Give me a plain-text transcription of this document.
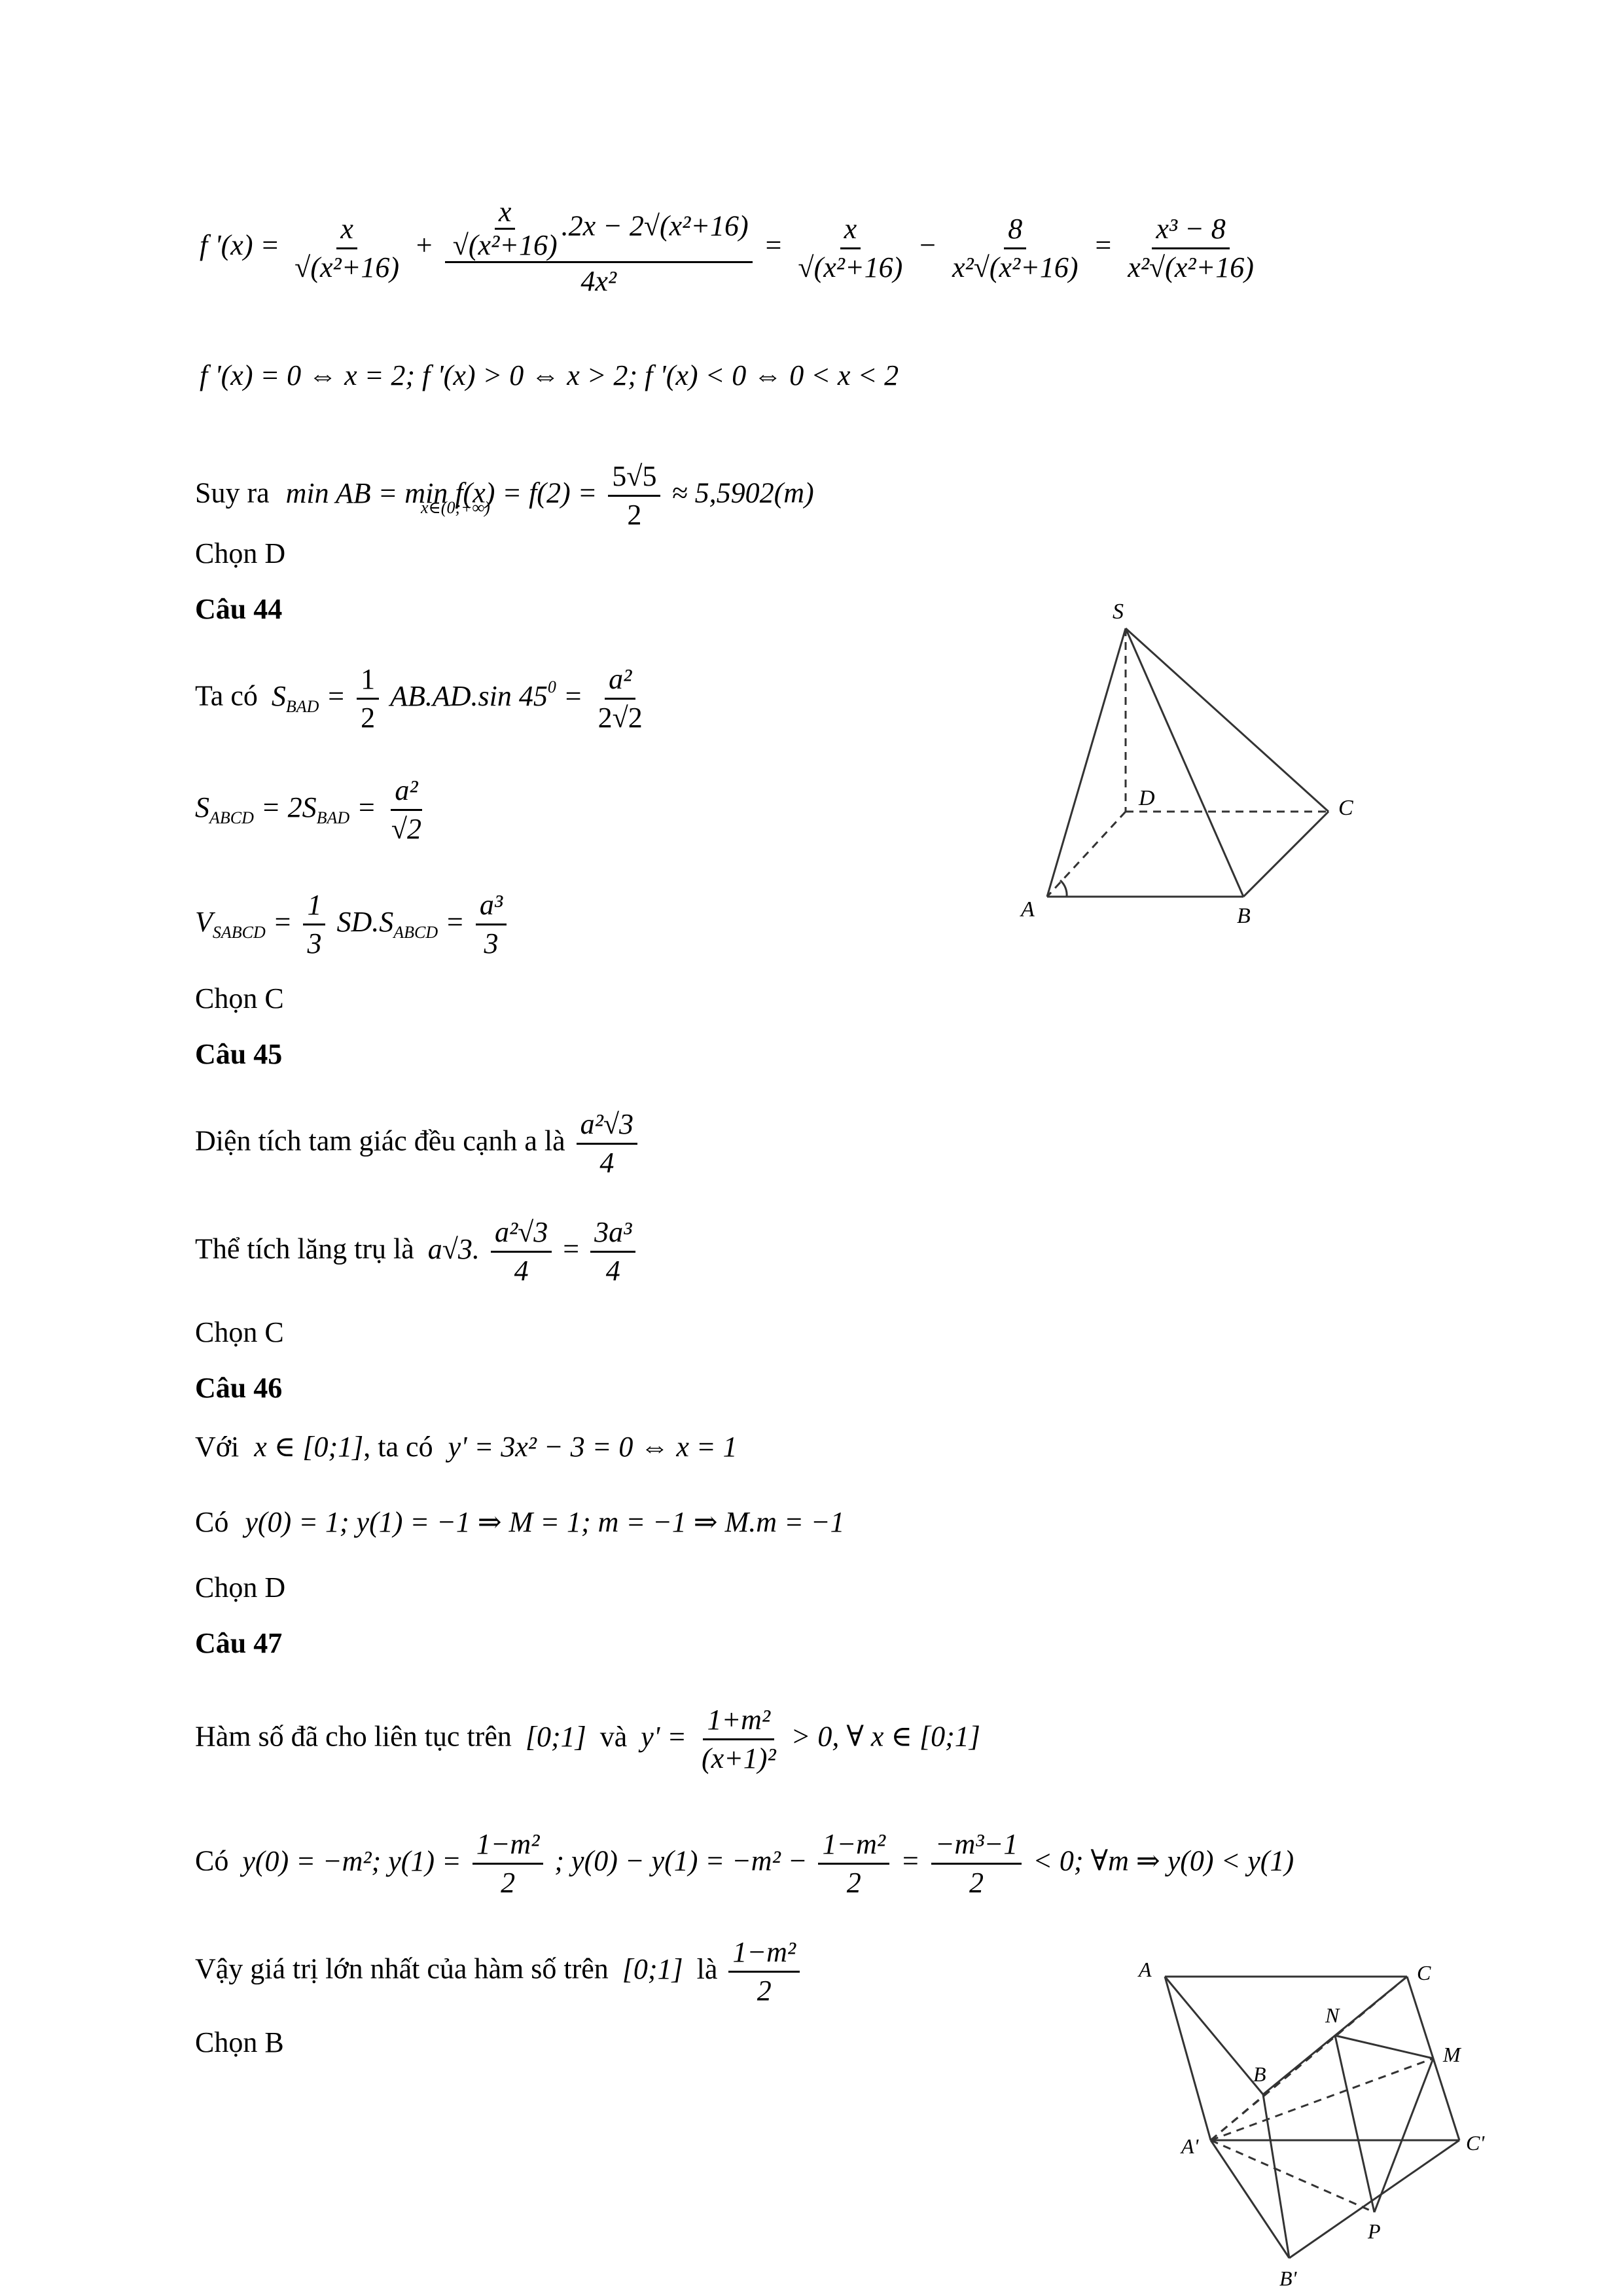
f '$(x) = \frac{x}{\text{√(x²+16)}} + \frac{\frac{x}{\text{√(x²+16)}} .2x - 2√(x^2+16)}{\text{4x²}} = \frac{x}{\text{√(x²+16)}} - \frac{8}{\text{x²√(x²+16)}} = \frac{\text{x³ − 8}}{\text{x²√(x²+16)}}$
f '(x) = 0 ⇔ x = 2; f '(x) > 0 ⇔ x > 2; f '(x) < 0 ⇔ 0 < x < 2
Suy ra min AB = min
x∈(0;+∞)
$f(x) = f(2) = \frac{5√5}{2} \approx 5,5902(m)$
Chọn D
Câu 44
Ta có $S_{BAD} = \frac{1}{2} AB.AD.\sin$ $45^0 = \frac{\text{a²}}{2√2}$
$S_{ABCD} = 2S_{BAD} = \frac{\text{a²}}{√2}$
$V_{SABCD} = \frac{1}{3} SD.S_{ABCD} = \frac{\text{a³}}{3}$
Chọn C
Câu 45
Diện tích tam giác đều cạnh a là $\frac{\text{a²√3}}{4}$
Thể tích lăng trụ là a√3. $\frac{\text{a²√3}}{4} = \frac{\text{3a³}}{4}$
Chọn C
Câu 46
Với x ∈ [0;1], ta có y' = 3x² − 3 = 0 ⇔ x = 1
Có y(0) = 1; y(1) = −1 ⇒ M = 1; m = −1 ⇒ M.m = −1
Chọn D
Câu 47
Hàm số đã cho liên tục trên [0;1] và $y' = \frac{\text{1+m²}}{\text{(x+1)²}} > 0$, ∀ x ∈ [0;1]
Có y(0) = −m²; $y(1) = \frac{\text{1−m²}}{2}$ ; $y(0) - y(1) = -m^2 - \frac{\text{1−m²}}{2} = \frac{\text{−m³−1}}{2} < 0$; ∀m ⇒ y(0) < y(1)
Vậy giá trị lớn nhất của hàm số trên [0;1] là $\frac{\text{1−m²}}{2}$
Chọn B
S
D	C
A	B
A	C
N
B
M
A'	C'
P
B'
